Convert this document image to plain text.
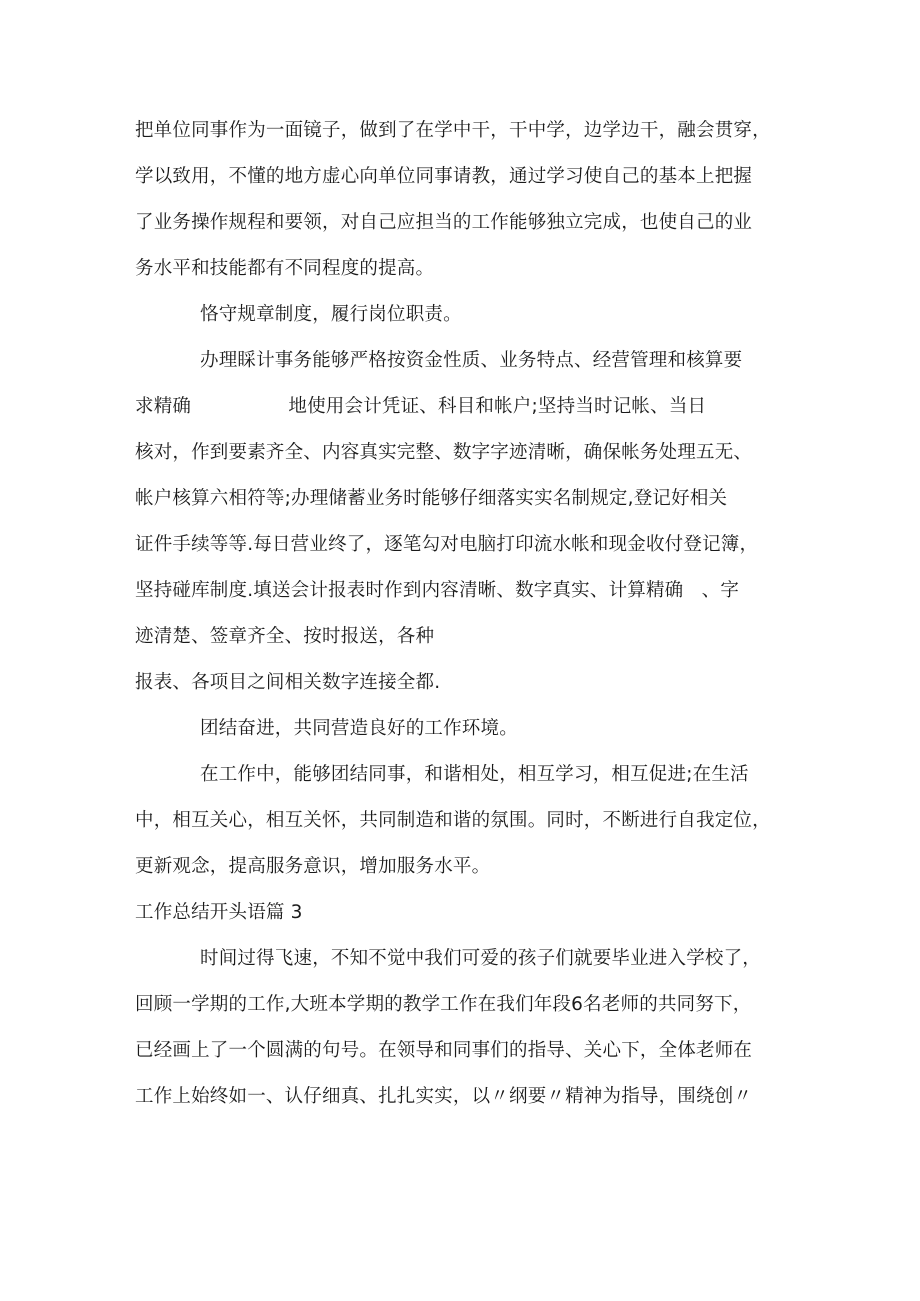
把单位同事作为一面镜子，做到了在学中干，干中学，边学边干，融会贯穿，
学以致用，不懂的地方虚心向单位同事请教，通过学习使自己的基本上把握
了业务操作规程和要领，对自己应担当的工作能够独立完成，也使自己的业
务水平和技能都有不同程度的提高。
恪守规章制度，履行岗位职责。
办理睬计事务能够严格按资金性质、业务特点、经营管理和核算要
求精确                地使用会计凭证、科目和帐户;坚持当时记帐、当日
核对，作到要素齐全、内容真实完整、数字字迹清晰，确保帐务处理五无、
帐户核算六相符等;办理储蓄业务时能够仔细落实实名制规定,登记好相关
证件手续等等.每日营业终了，逐笔勾对电脑打印流水帐和现金收付登记簿，
坚持碰库制度.填送会计报表时作到内容清晰、数字真实、计算精确   、字
迹清楚、签章齐全、按时报送，各种
报表、各项目之间相关数字连接全都.
团结奋进，共同营造良好的工作环境。
在工作中，能够团结同事，和谐相处，相互学习，相互促进;在生活
中，相互关心，相互关怀，共同制造和谐的氛围。同时，不断进行自我定位，
更新观念，提高服务意识，增加服务水平。
工作总结开头语篇 3
时间过得飞速，不知不觉中我们可爱的孩子们就要毕业进入学校了，
回顾一学期的工作,大班本学期的教学工作在我们年段6名老师的共同努下，
已经画上了一个圆满的句号。在领导和同事们的指导、关心下，全体老师在
工作上始终如一、认仔细真、扎扎实实，以〃纲要〃精神为指导，围绕创〃
